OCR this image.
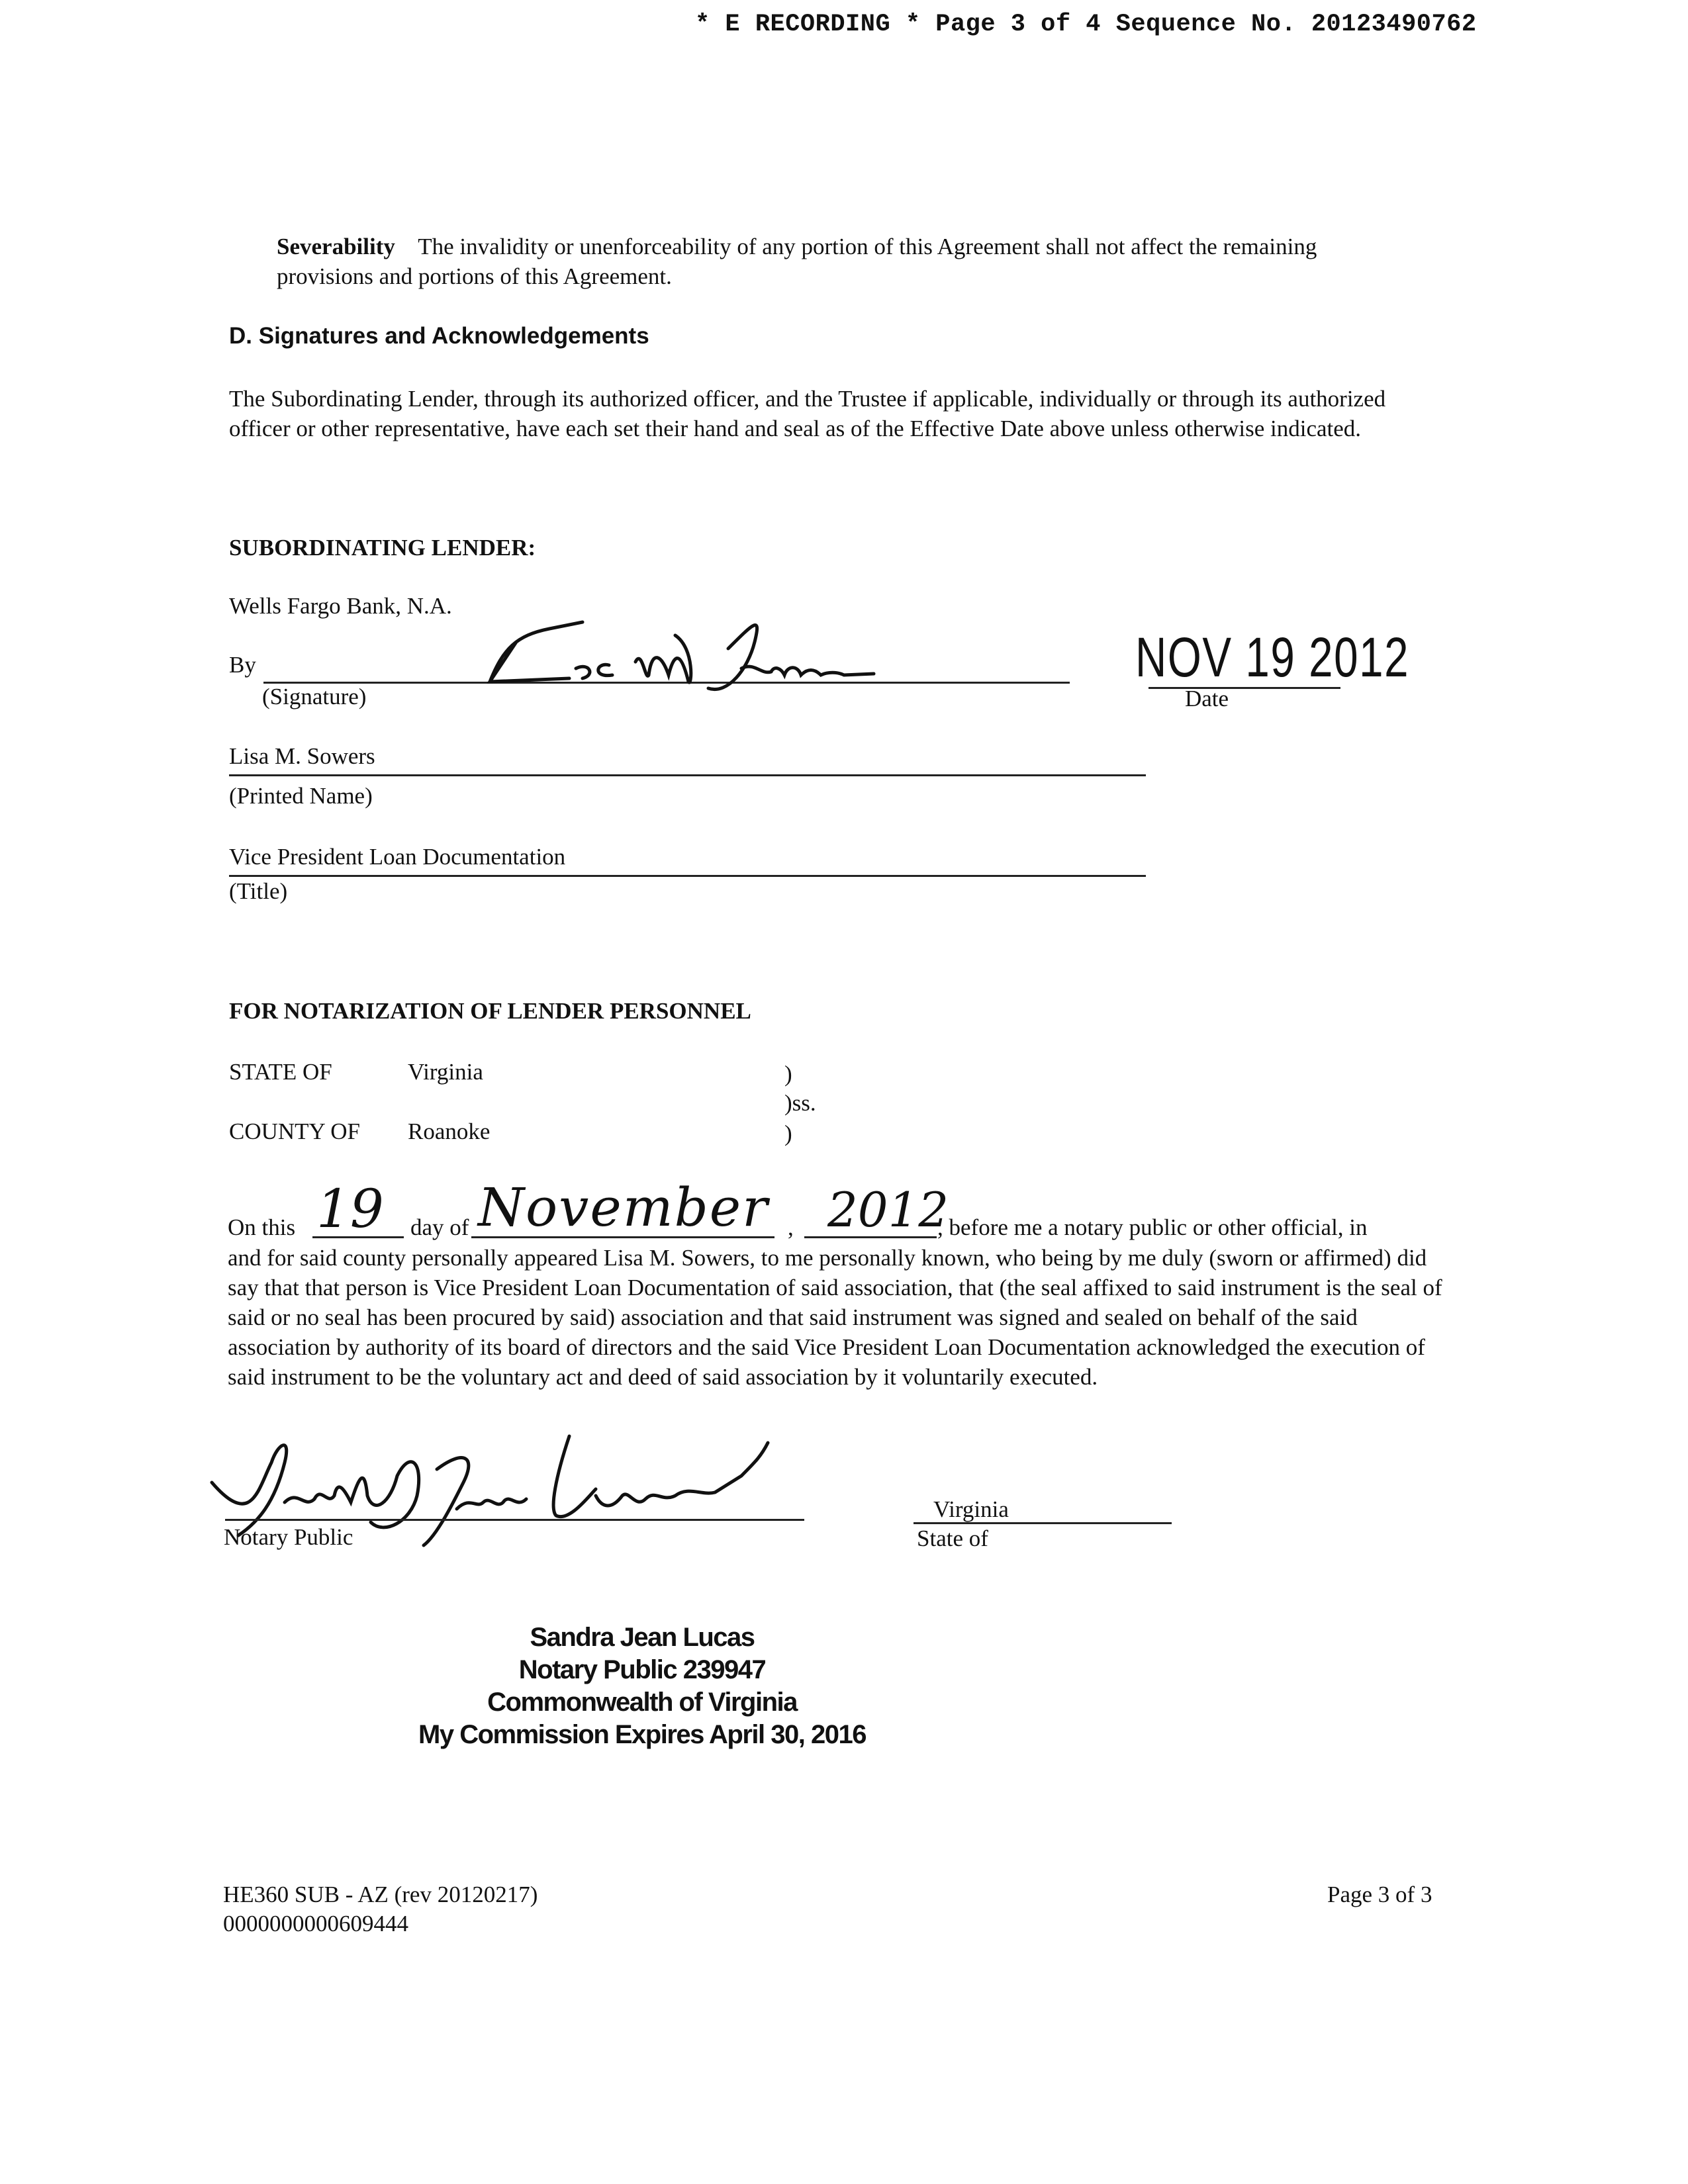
* E RECORDING * Page 3 of 4 Sequence No. 20123490762
Severability The invalidity or unenforceability of any portion of this Agreement shall not affect the remaining provisions and portions of this Agreement.
D. Signatures and Acknowledgements
The Subordinating Lender, through its authorized officer, and the Trustee if applicable, individually or through its authorized officer or other representative, have each set their hand and seal as of the Effective Date above unless otherwise indicated.
SUBORDINATING LENDER:
Wells Fargo Bank, N.A.
By
(Signature)
NOV 19 2012
Date
Lisa M. Sowers
(Printed Name)
Vice President Loan Documentation
(Title)
FOR NOTARIZATION OF LENDER PERSONNEL
STATE OF	Virginia	)
)ss.
COUNTY OF Roanoke	)
On this 19 day of November , 2012
, before me a notary public or other official, in
and for said county personally appeared Lisa M. Sowers, to me personally known, who being by me duly (sworn or affirmed) did say that that person is Vice President Loan Documentation of said association, that (the seal affixed to said instrument is the seal of said or no seal has been procured by said) association and that said instrument was signed and sealed on behalf of the said association by authority of its board of directors and the said Vice President Loan Documentation acknowledged the execution of said instrument to be the voluntary act and deed of said association by it voluntarily executed.
Notary Public
Virginia
State of
Sandra Jean Lucas
Notary Public 239947
Commonwealth of Virginia
My Commission Expires April 30, 2016
HE360 SUB - AZ (rev 20120217)
0000000000609444
Page 3 of 3
